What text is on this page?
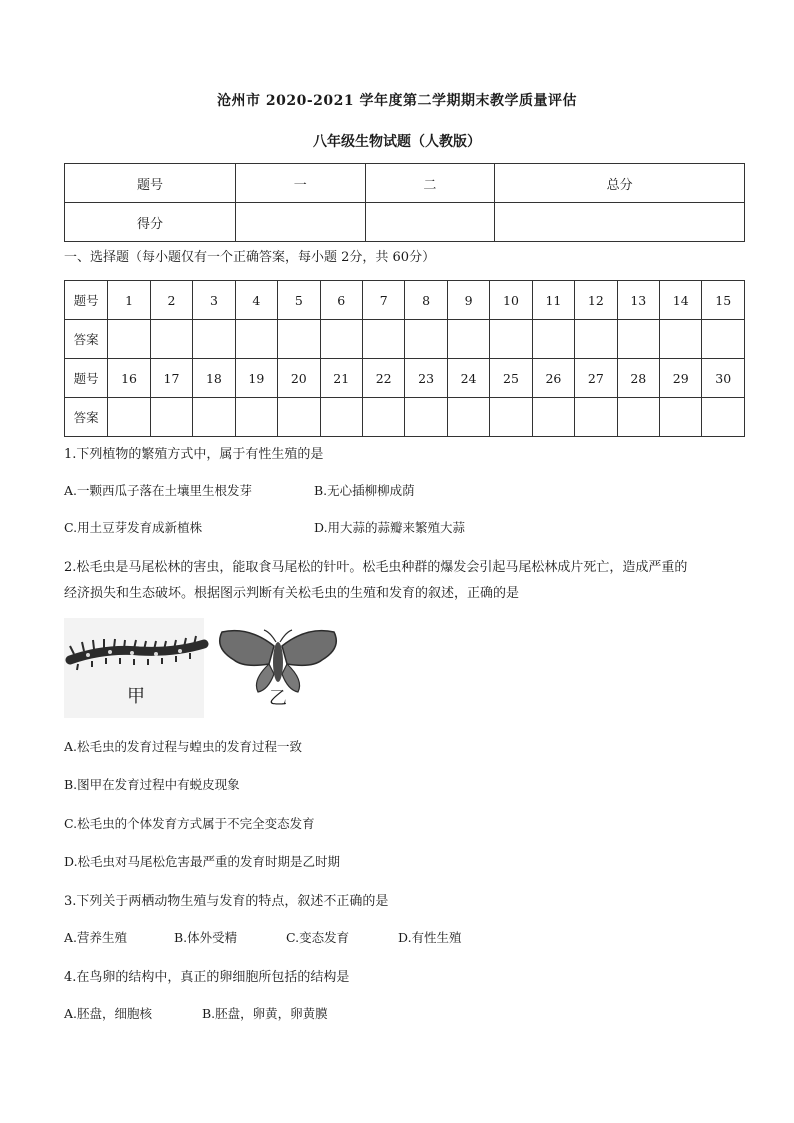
沧州市 2020-2021 学年度第二学期期末教学质量评估
八年级生物试题（人教版）
题号	一	二	总分
得分			
一、选择题（每小题仅有一个正确答案，每小题 2分，共 60分）
题号	1	2	3	4	5	6	7	8	9	10	11	12	13	14	15
答案															
题号	16	17	18	19	20	21	22	23	24	25	26	27	28	29	30
答案															
1.下列植物的繁殖方式中，属于有性生殖的是
A.一颗西瓜子落在土壤里生根发芽	B.无心插柳柳成荫
C.用土豆芽发育成新植株	D.用大蒜的蒜瓣来繁殖大蒜
2.松毛虫是马尾松林的害虫，能取食马尾松的针叶。松毛虫种群的爆发会引起马尾松林成片死亡，造成严重的
经济损失和生态破坏。根据图示判断有关松毛虫的生殖和发育的叙述，正确的是
甲	乙
A.松毛虫的发育过程与蝗虫的发育过程一致
B.图甲在发育过程中有蜕皮现象
C.松毛虫的个体发育方式属于不完全变态发育
D.松毛虫对马尾松危害最严重的发育时期是乙时期
3.下列关于两栖动物生殖与发育的特点，叙述不正确的是
A.营养生殖	B.体外受精	C.变态发育	D.有性生殖
4.在鸟卵的结构中，真正的卵细胞所包括的结构是
A.胚盘，细胞核	B.胚盘，卵黄，卵黄膜
